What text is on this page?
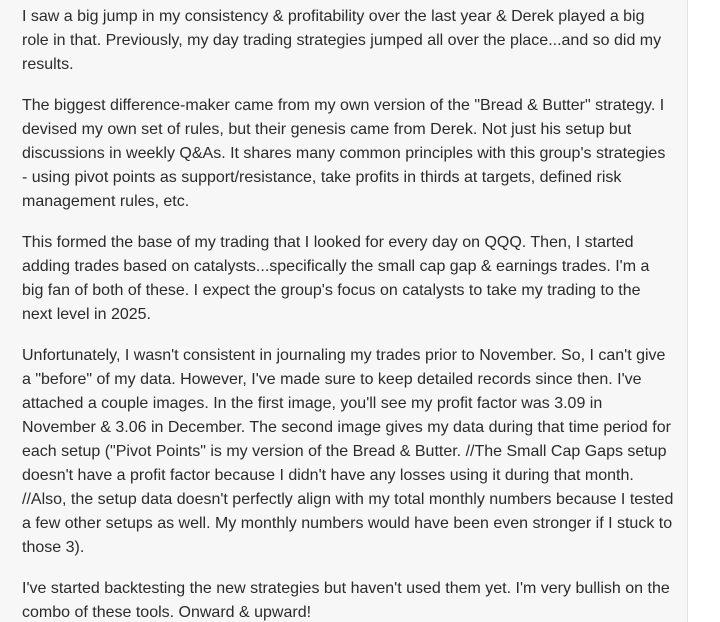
I saw a big jump in my consistency & profitability over the last year & Derek played a big role in that. Previously, my day trading strategies jumped all over the place...and so did my results.

The biggest difference-maker came from my own version of the "Bread & Butter" strategy. I devised my own set of rules, but their genesis came from Derek. Not just his setup but discussions in weekly Q&As. It shares many common principles with this group's strategies - using pivot points as support/resistance, take profits in thirds at targets, defined risk management rules, etc.

This formed the base of my trading that I looked for every day on QQQ. Then, I started adding trades based on catalysts...specifically the small cap gap & earnings trades. I'm a big fan of both of these. I expect the group's focus on catalysts to take my trading to the next level in 2025.

Unfortunately, I wasn't consistent in journaling my trades prior to November. So, I can't give a "before" of my data. However, I've made sure to keep detailed records since then. I've attached a couple images. In the first image, you'll see my profit factor was 3.09 in November & 3.06 in December. The second image gives my data during that time period for each setup ("Pivot Points" is my version of the Bread & Butter. //The Small Cap Gaps setup doesn't have a profit factor because I didn't have any losses using it during that month. //Also, the setup data doesn't perfectly align with my total monthly numbers because I tested a few other setups as well. My monthly numbers would have been even stronger if I stuck to those 3).

I've started backtesting the new strategies but haven't used them yet. I'm very bullish on the combo of these tools. Onward & upward!
